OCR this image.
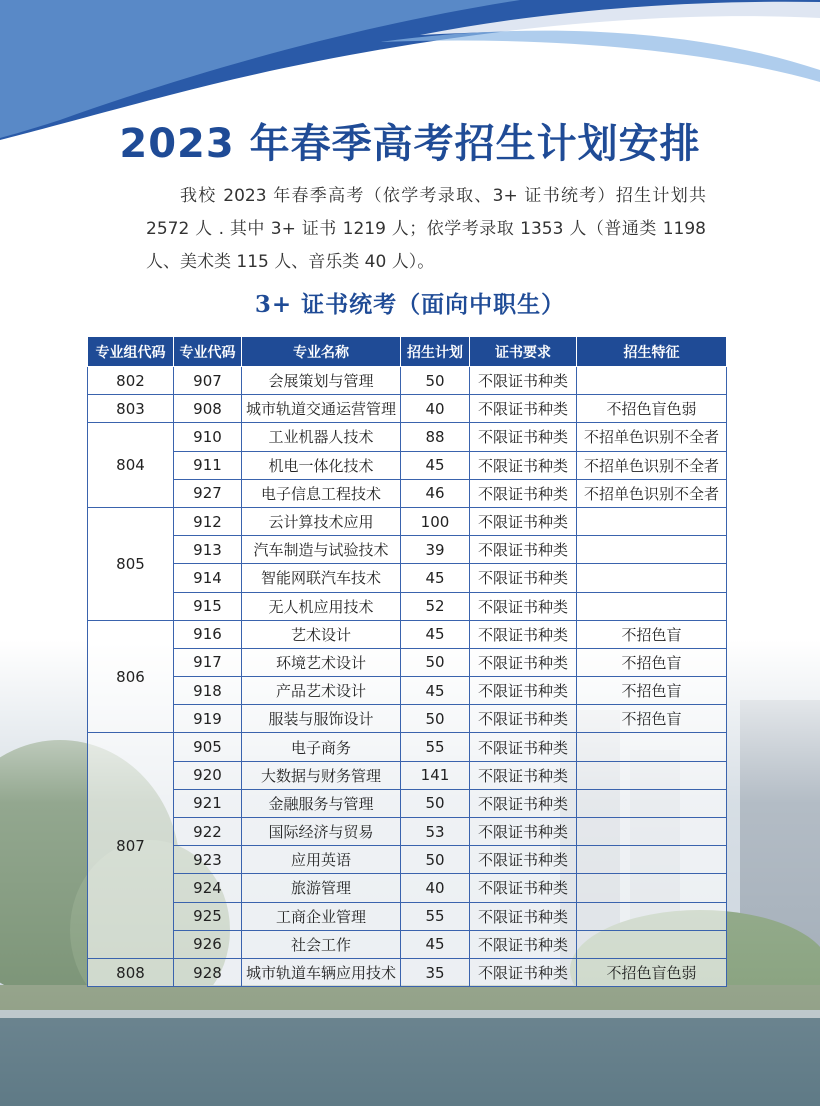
2023 年春季高考招生计划安排
我校 2023 年春季高考（依学考录取、3+ 证书统考）招生计划共 2572 人 . 其中 3+ 证书 1219 人；依学考录取 1353 人（普通类 1198 人、美术类 115 人、音乐类 40 人）。
3+ 证书统考（面向中职生）
专业组代码	专业代码	专业名称	招生计划	证书要求	招生特征
802	907	会展策划与管理	50	不限证书种类	
803	908	城市轨道交通运营管理	40	不限证书种类	不招色盲色弱
804	910	工业机器人技术	88	不限证书种类	不招单色识别不全者
	911	机电一体化技术	45	不限证书种类	不招单色识别不全者
	927	电子信息工程技术	46	不限证书种类	不招单色识别不全者
805	912	云计算技术应用	100	不限证书种类	
	913	汽车制造与试验技术	39	不限证书种类	
	914	智能网联汽车技术	45	不限证书种类	
	915	无人机应用技术	52	不限证书种类	
806	916	艺术设计	45	不限证书种类	不招色盲
	917	环境艺术设计	50	不限证书种类	不招色盲
	918	产品艺术设计	45	不限证书种类	不招色盲
	919	服装与服饰设计	50	不限证书种类	不招色盲
807	905	电子商务	55	不限证书种类	
	920	大数据与财务管理	141	不限证书种类	
	921	金融服务与管理	50	不限证书种类	
	922	国际经济与贸易	53	不限证书种类	
	923	应用英语	50	不限证书种类	
	924	旅游管理	40	不限证书种类	
	925	工商企业管理	55	不限证书种类	
	926	社会工作	45	不限证书种类	
808	928	城市轨道车辆应用技术	35	不限证书种类	不招色盲色弱
